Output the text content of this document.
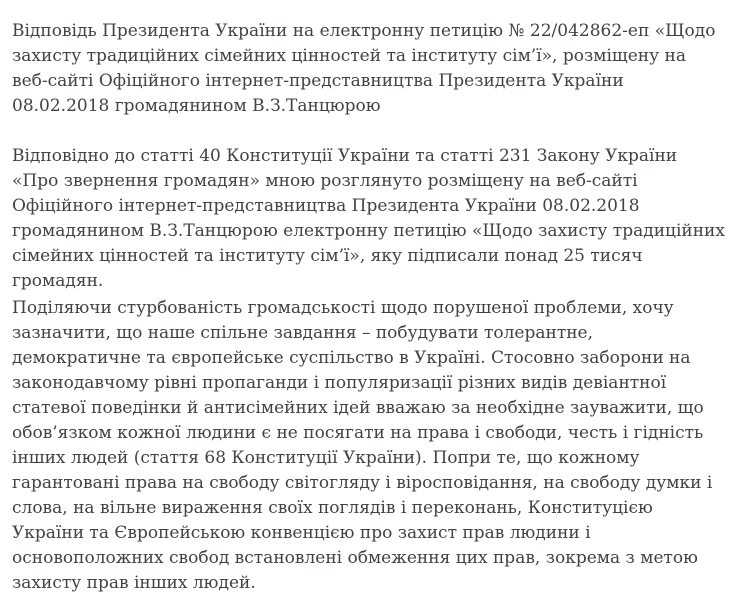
Відповідь Президента України на електронну петицію № 22/042862-еп «Щодо захисту традиційних сімейних цінностей та інституту сім’ї», розміщену на веб-сайті Офіційного інтернет-представництва Президента України 08.02.2018 громадянином В.З.Танцюрою

Відповідно до статті 40 Конституції України та статті 231 Закону України «Про звернення громадян» мною розглянуто розміщену на веб-сайті Офіційного інтернет-представництва Президента України 08.02.2018 громадянином В.З.Танцюрою електронну петицію «Щодо захисту традиційних сімейних цінностей та інституту сім’ї», яку підписали понад 25 тисяч громадян.

Поділяючи стурбованість громадськості щодо порушеної проблеми, хочу зазначити, що наше спільне завдання – побудувати толерантне, демократичне та європейське суспільство в Україні. Стосовно заборони на законодавчому рівні пропаганди і популяризації різних видів девіантної статевої поведінки й антисімейних ідей вважаю за необхідне зауважити, що обов’язком кожної людини є не посягати на права і свободи, честь і гідність інших людей (стаття 68 Конституції України). Попри те, що кожному гарантовані права на свободу світогляду і віросповідання, на свободу думки і слова, на вільне вираження своїх поглядів і переконань, Конституцією України та Європейською конвенцією про захист прав людини і основоположних свобод встановлені обмеження цих прав, зокрема з метою захисту прав інших людей.
